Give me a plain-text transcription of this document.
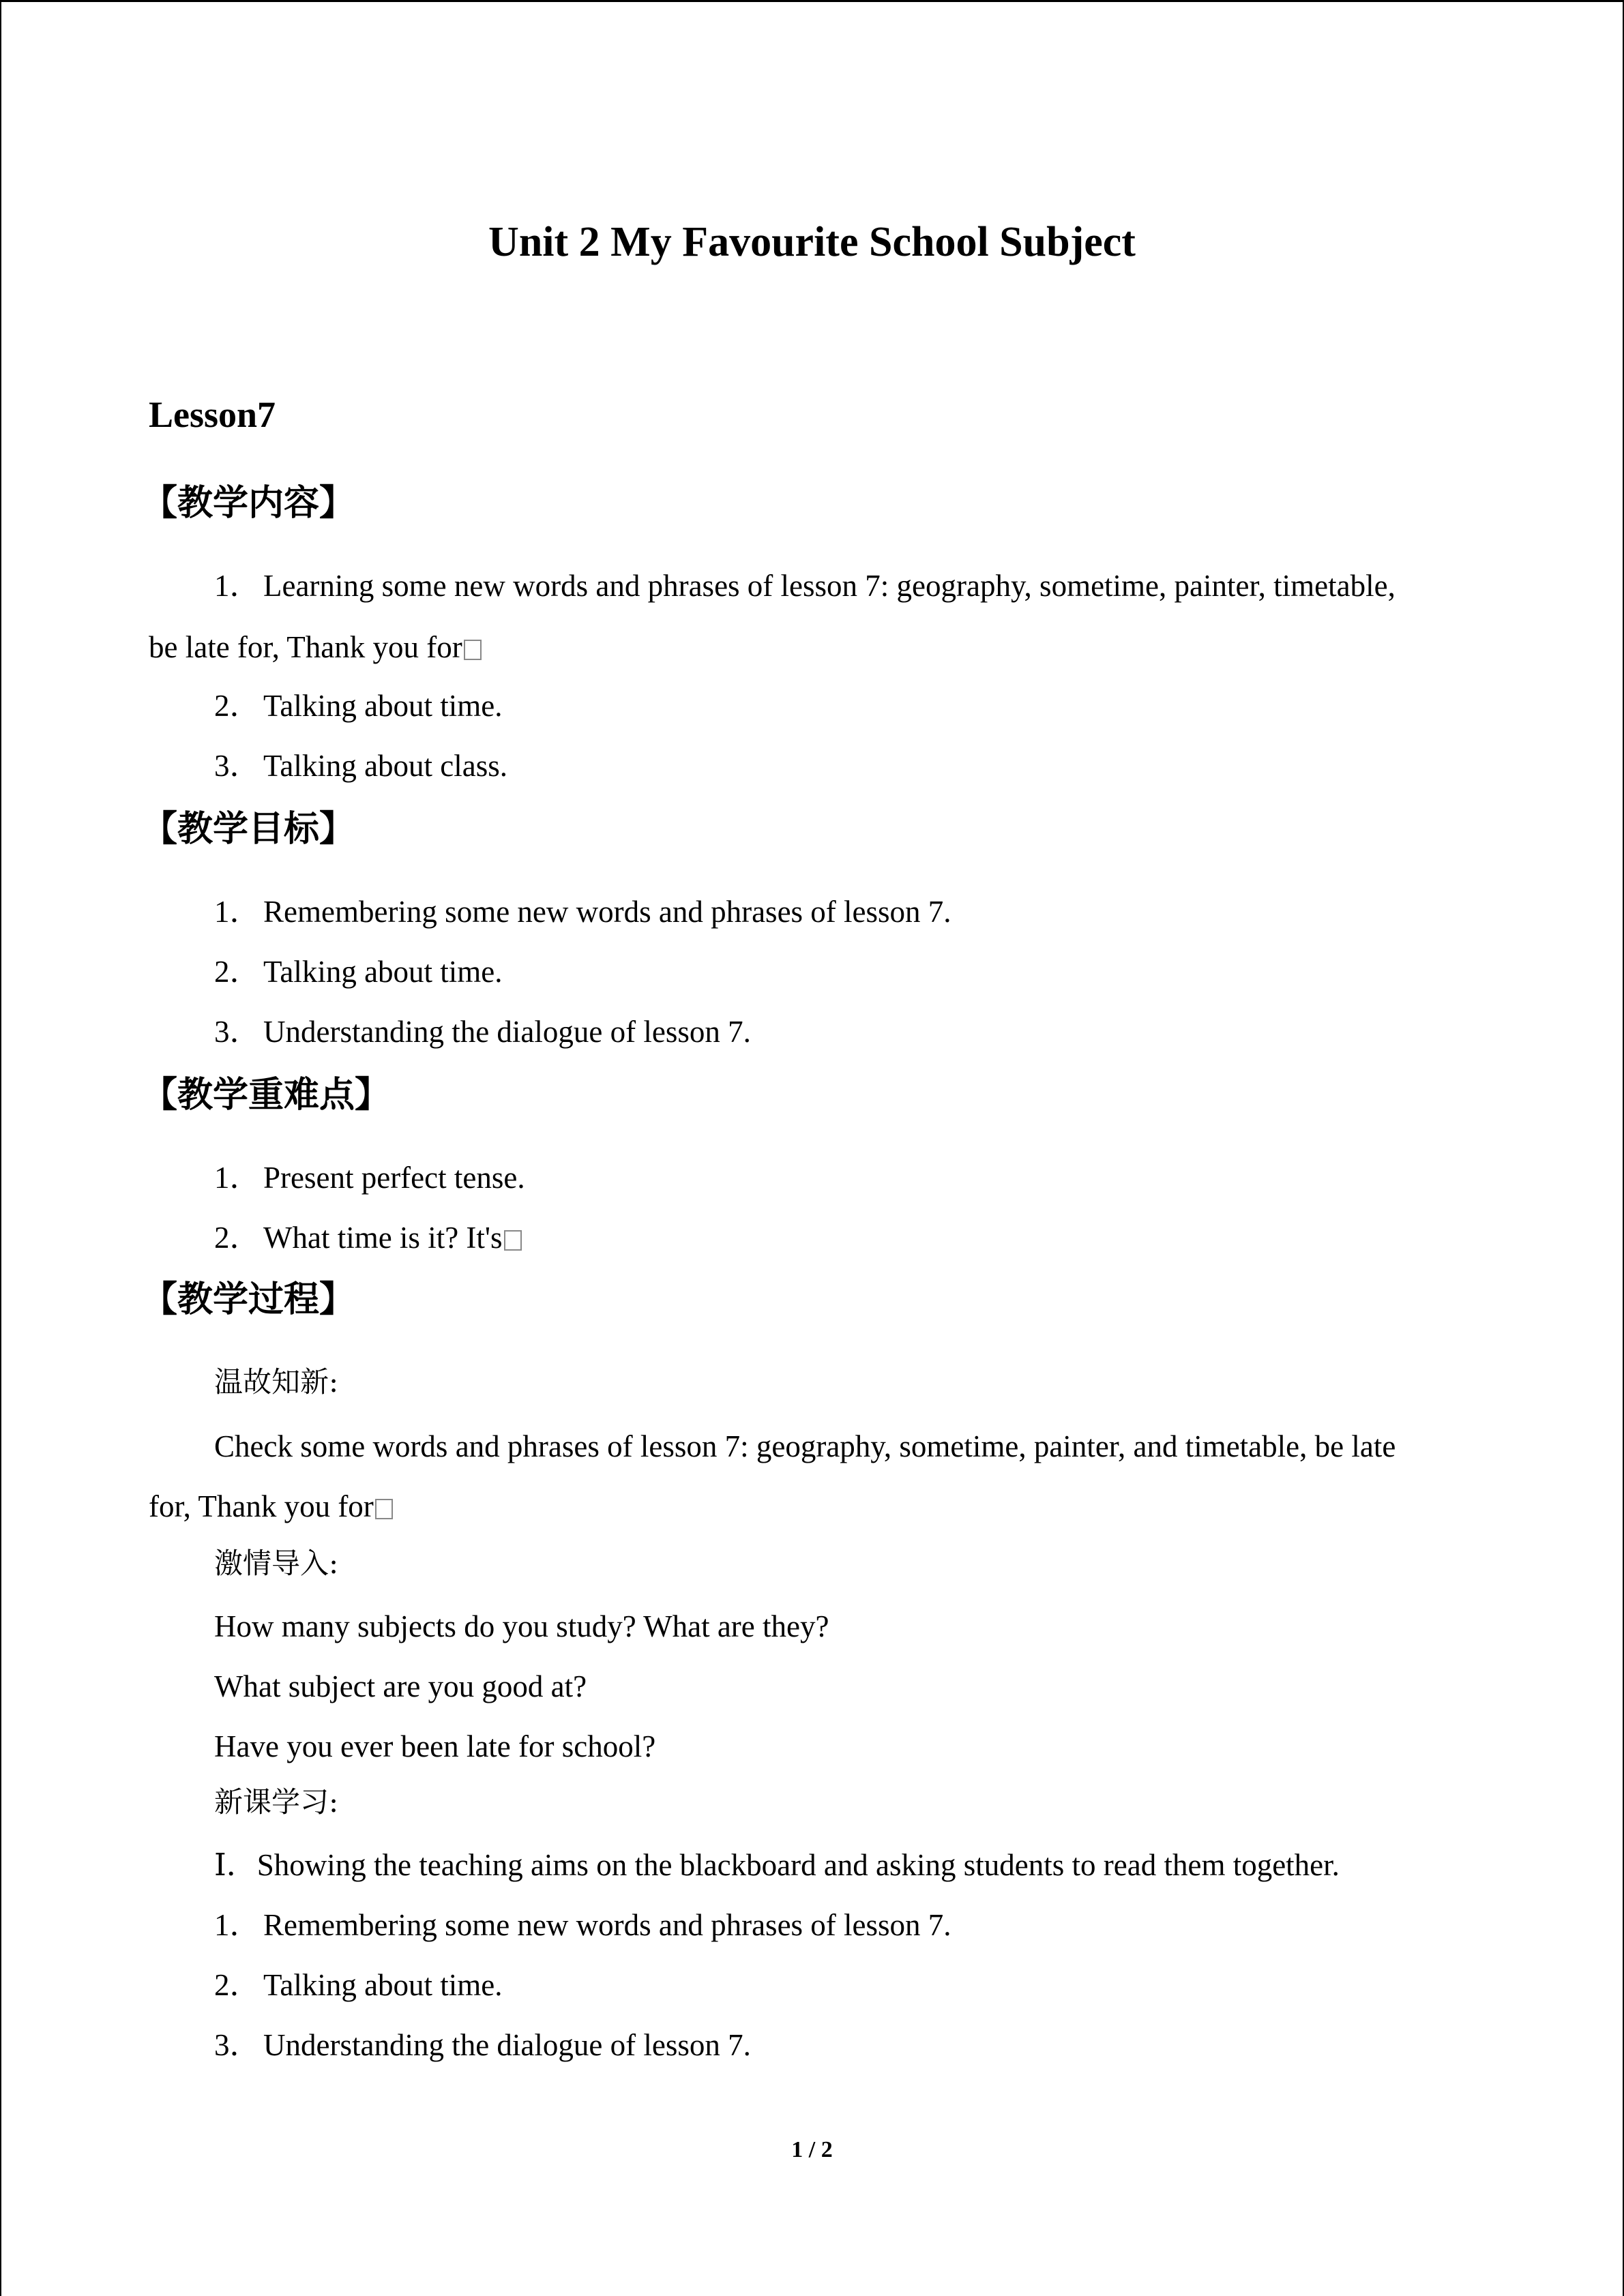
Unit 2 My Favourite School Subject

Lesson7

【教学内容】

1．Learning some new words and phrases of lesson 7: geography, sometime, painter, timetable,

be late for, Thank you for

2．Talking about time.

3．Talking about class.

【教学目标】

1．Remembering some new words and phrases of lesson 7.

2．Talking about time.

3．Understanding the dialogue of lesson 7.

【教学重难点】

1．Present perfect tense.

2．What time is it? It's

【教学过程】

温故知新:

Check some words and phrases of lesson 7: geography, sometime, painter, and timetable, be late

for, Thank you for

激情导入:

How many subjects do you study? What are they?

What subject are you good at?

Have you ever been late for school?

新课学习:

Ⅰ．Showing the teaching aims on the blackboard and asking students to read them together.

1．Remembering some new words and phrases of lesson 7.

2．Talking about time.

3．Understanding the dialogue of lesson 7.

1 / 2
